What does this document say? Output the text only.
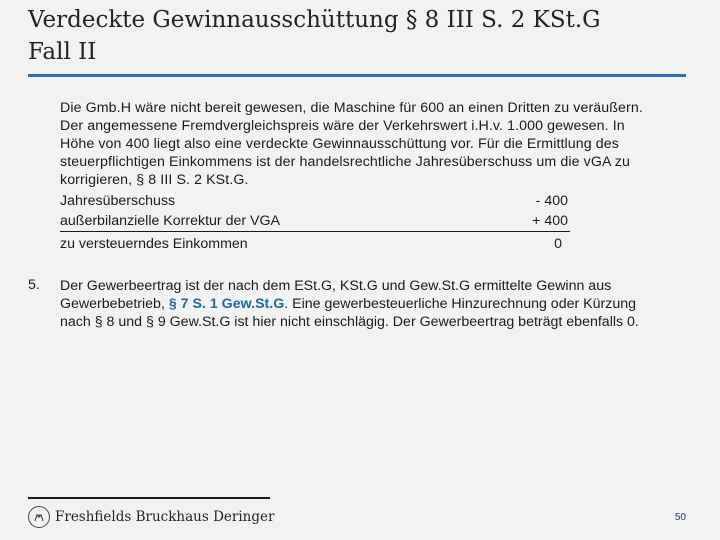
Verdeckte Gewinnausschüttung § 8 III S. 2 KSt.G
Fall II

Die Gmb.H wäre nicht bereit gewesen, die Maschine für 600 an einen Dritten zu veräußern. Der angemessene Fremdvergleichspreis wäre der Verkehrswert i.H.v. 1.000 gewesen. In Höhe von 400 liegt also eine verdeckte Gewinnausschüttung vor. Für die Ermittlung des steuerpflichtigen Einkommens ist der handelsrechtliche Jahresüberschuss um die vGA zu korrigieren, § 8 III S. 2 KSt.G.

Jahresüberschuss	- 400
außerbilanzielle Korrektur der VGA	+ 400
zu versteuerndes Einkommen	0
5. Der Gewerbeertrag ist der nach dem ESt.G, KSt.G und Gew.St.G ermittelte Gewinn aus Gewerbebetrieb, § 7 S. 1 Gew.St.G. Eine gewerbesteuerliche Hinzurechnung oder Kürzung nach § 8 und § 9 Gew.St.G ist hier nicht einschlägig. Der Gewerbeertrag beträgt ebenfalls 0.
Freshfields Bruckhaus Deringer	50
